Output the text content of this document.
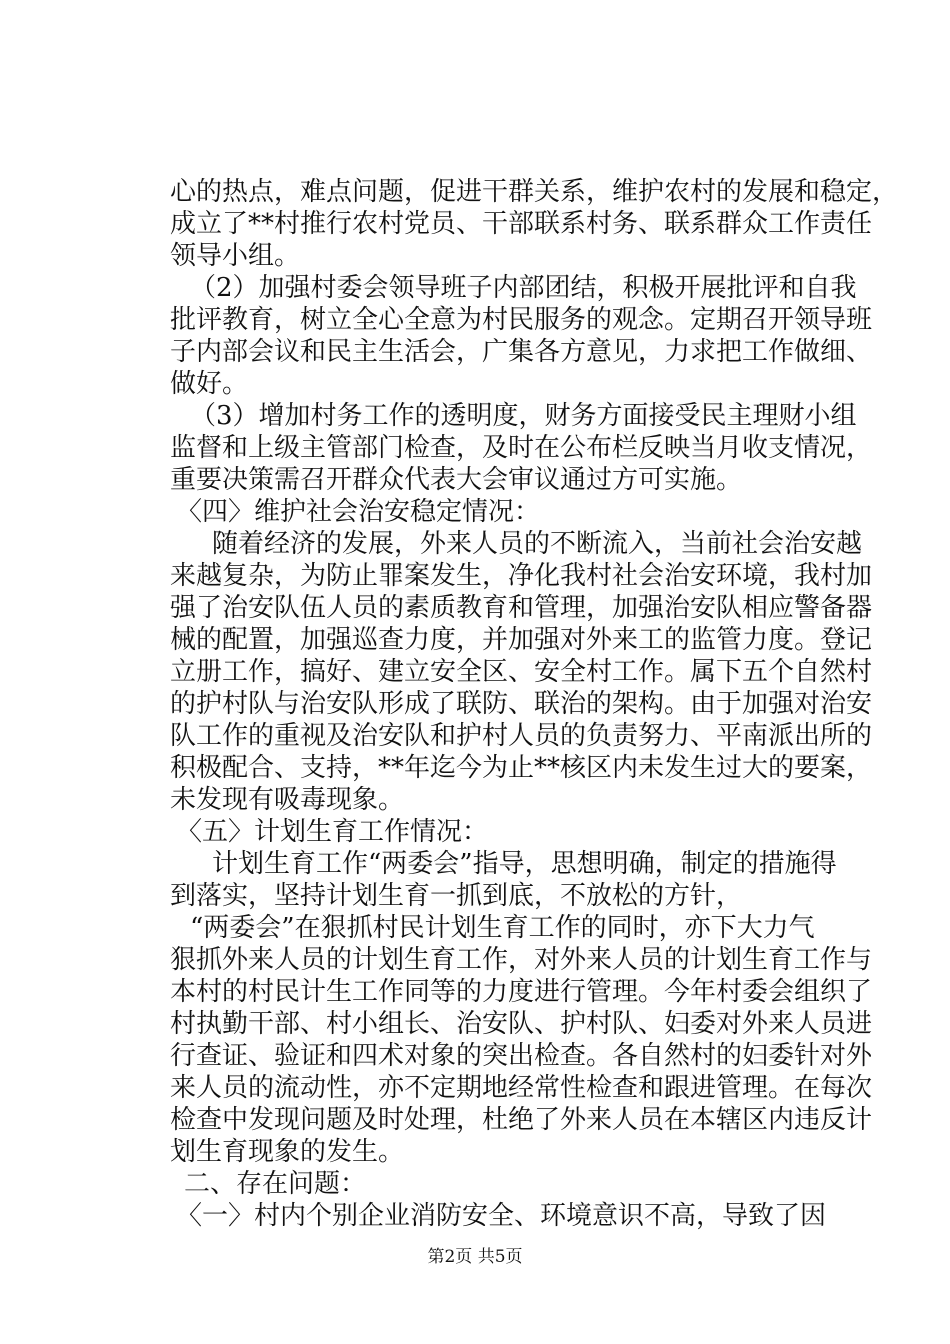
心的热点，难点问题，促进干群关系，维护农村的发展和稳定，
成立了**村推行农村党员、干部联系村务、联系群众工作责任
领导小组。
（2）加强村委会领导班子内部团结，积极开展批评和自我
批评教育，树立全心全意为村民服务的观念。定期召开领导班
子内部会议和民主生活会，广集各方意见，力求把工作做细、
做好。
（3）增加村务工作的透明度，财务方面接受民主理财小组
监督和上级主管部门检查，及时在公布栏反映当月收支情况，
重要决策需召开群众代表大会审议通过方可实施。
〈四〉维护社会治安稳定情况：
随着经济的发展，外来人员的不断流入，当前社会治安越
来越复杂，为防止罪案发生，净化我村社会治安环境，我村加
强了治安队伍人员的素质教育和管理，加强治安队相应警备器
械的配置，加强巡查力度，并加强对外来工的监管力度。登记
立册工作，搞好、建立安全区、安全村工作。属下五个自然村
的护村队与治安队形成了联防、联治的架构。由于加强对治安
队工作的重视及治安队和护村人员的负责努力、平南派出所的
积极配合、支持，**年迄今为止**核区内未发生过大的要案，
未发现有吸毒现象。
〈五〉计划生育工作情况：
计划生育工作“两委会”指导，思想明确，制定的措施得
到落实，坚持计划生育一抓到底，不放松的方针，
“两委会”在狠抓村民计划生育工作的同时，亦下大力气
狠抓外来人员的计划生育工作，对外来人员的计划生育工作与
本村的村民计生工作同等的力度进行管理。今年村委会组织了
村执勤干部、村小组长、治安队、护村队、妇委对外来人员进
行查证、验证和四术对象的突出检查。各自然村的妇委针对外
来人员的流动性，亦不定期地经常性检查和跟进管理。在每次
检查中发现问题及时处理，杜绝了外来人员在本辖区内违反计
划生育现象的发生。
二、存在问题：
〈一〉村内个别企业消防安全、环境意识不高，导致了因
第2页 共5页
